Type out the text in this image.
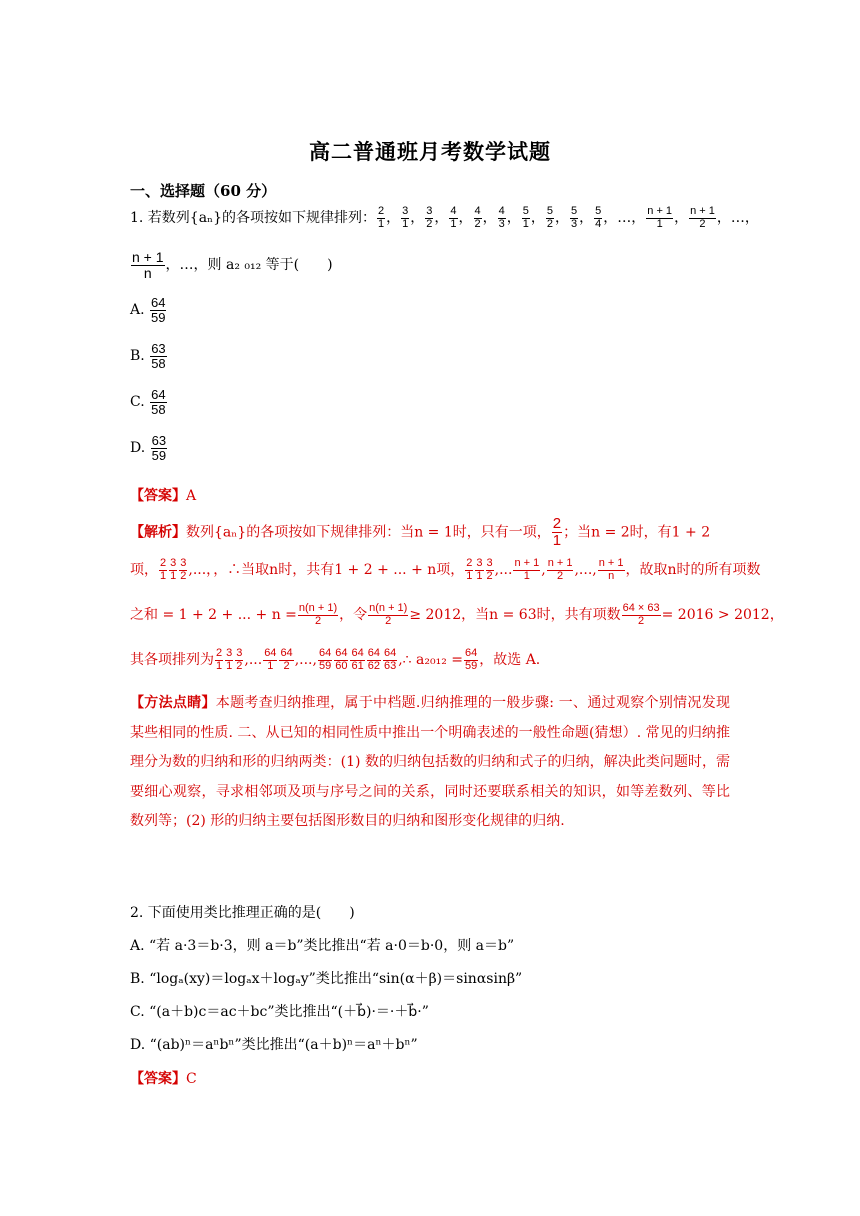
高二普通班月考数学试题
一、选择题（60 分）
1. 若数列{aₙ}的各项按如下规律排列： $\frac{2}{1}$ ， $\frac{3}{1}$ ， $\frac{3}{2}$ ， $\frac{4}{1}$ ， $\frac{4}{2}$ ， $\frac{4}{3}$ ， $\frac{5}{1}$ ， $\frac{5}{2}$ ， $\frac{5}{3}$ ， $\frac{5}{4}$ ，…， $\frac{n + 1}{1}$ ， $\frac{n + 1}{2}$ ，…，
$\frac{n + 1}{n}$ ，…，则 a₂ ₀₁₂ 等于(　　)
A. $\frac{64}{59}$
B. $\frac{63}{58}$
C. $\frac{64}{58}$
D. $\frac{63}{59}$
【答案】A
【解析】数列{aₙ}的各项按如下规律排列：当n = 1时，只有一项， $\frac{2}{1}$ ；当n = 2时，有1 + 2
项， $\frac{2}{1} \frac{3}{1} \frac{3}{2}$ ,...，，∴当取n时，共有1 + 2 + ... + n项， $\frac{2}{1} \frac{3}{1} \frac{3}{2}$ ,... $\frac{n + 1}{1}$ , $\frac{n + 1}{2}$ ,..., $\frac{n + 1}{n}$ ，故取n时的所有项数
之和 = 1 + 2 + ... + $n = \frac{n(n + 1)}{2}$ ，令 $\frac{n(n + 1)}{2} \ge 2012$，当n = 63时，共有项数 $\frac{64 \times 63}{2} = 2016 > 2012$，
其各项排列为 $\frac{2}{1} \frac{3}{1} \frac{3}{2}$ ,... $\frac{64}{1} \frac{64}{2}$ ,..., $\frac{64}{59} \frac{64}{60} \frac{64}{61} \frac{64}{62} \frac{64}{63}$ ,∴ $a_{2012} = \frac{64}{59}$ ，故选 A.
【方法点睛】本题考查归纳推理，属于中档题.归纳推理的一般步骤: 一、通过观察个别情况发现某些相同的性质. 二、从已知的相同性质中推出一个明确表述的一般性命题(猜想）. 常见的归纳推理分为数的归纳和形的归纳两类：(1) 数的归纳包括数的归纳和式子的归纳，解决此类问题时，需要细心观察，寻求相邻项及项与序号之间的关系，同时还要联系相关的知识，如等差数列、等比数列等；(2) 形的归纳主要包括图形数目的归纳和图形变化规律的归纳.
2. 下面使用类比推理正确的是(　　)
A. “若 a·3＝b·3，则 a＝b”类比推出“若 a·0＝b·0，则 a＝b”
B. “logₐ(xy)＝logₐx＋logₐy”类比推出“sin(α＋β)＝sinαsinβ”
C. “(a＋b)c＝ac＋bc”类比推出“(＋b⃗)·＝·＋b⃗·”
D. “(ab)ⁿ＝aⁿbⁿ”类比推出“(a＋b)ⁿ＝aⁿ＋bⁿ”
【答案】C
